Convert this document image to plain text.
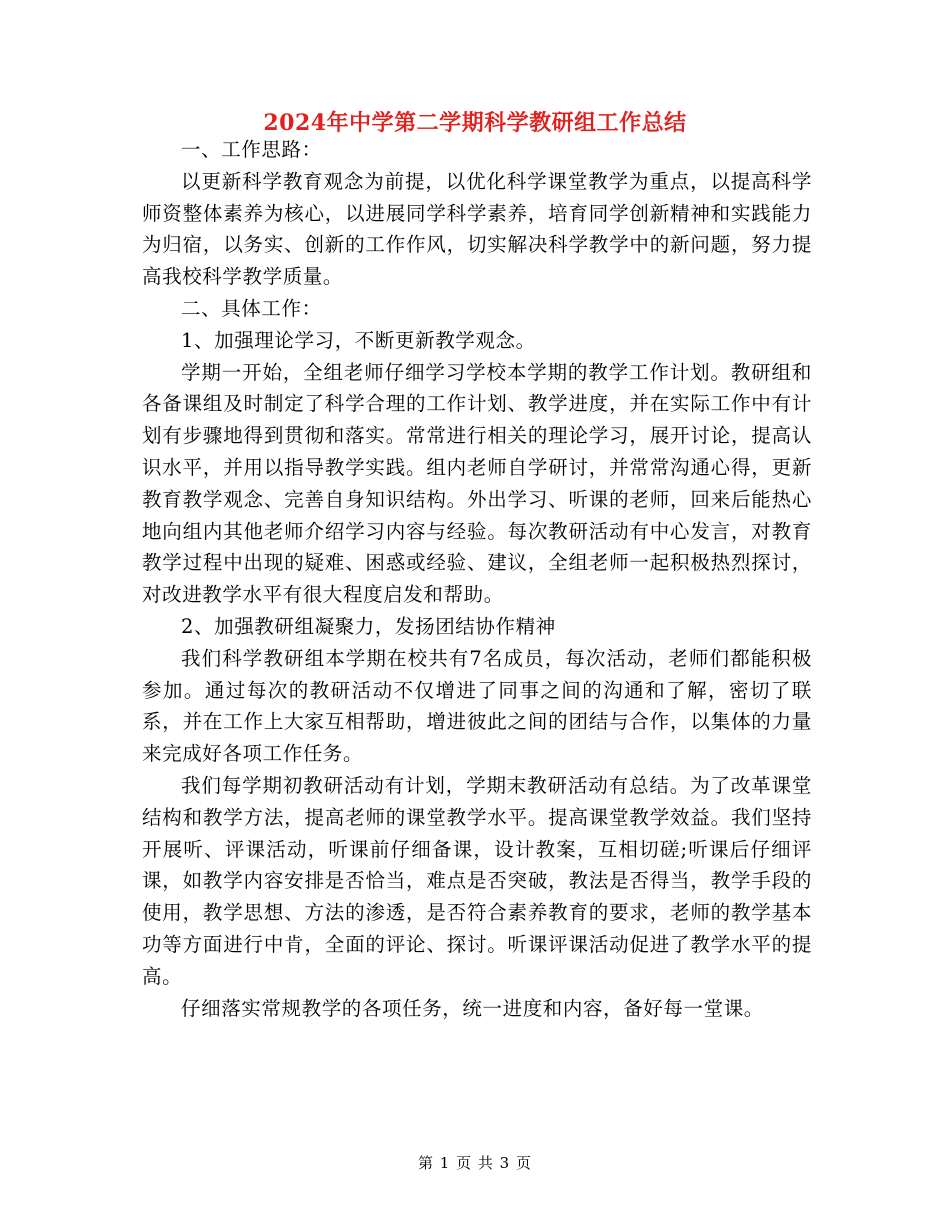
2024年中学第二学期科学教研组工作总结

一、工作思路：

以更新科学教育观念为前提，以优化科学课堂教学为重点，以提高科学师资整体素养为核心，以进展同学科学素养，培育同学创新精神和实践能力为归宿，以务实、创新的工作作风，切实解决科学教学中的新问题，努力提高我校科学教学质量。

二、具体工作：

1、加强理论学习，不断更新教学观念。

学期一开始，全组老师仔细学习学校本学期的教学工作计划。教研组和各备课组及时制定了科学合理的工作计划、教学进度，并在实际工作中有计划有步骤地得到贯彻和落实。常常进行相关的理论学习，展开讨论，提高认识水平，并用以指导教学实践。组内老师自学研讨，并常常沟通心得，更新教育教学观念、完善自身知识结构。外出学习、听课的老师，回来后能热心地向组内其他老师介绍学习内容与经验。每次教研活动有中心发言，对教育教学过程中出现的疑难、困惑或经验、建议，全组老师一起积极热烈探讨，对改进教学水平有很大程度启发和帮助。

2、加强教研组凝聚力，发扬团结协作精神

我们科学教研组本学期在校共有7名成员，每次活动，老师们都能积极参加。通过每次的教研活动不仅增进了同事之间的沟通和了解，密切了联系，并在工作上大家互相帮助，增进彼此之间的团结与合作，以集体的力量来完成好各项工作任务。

我们每学期初教研活动有计划，学期末教研活动有总结。为了改革课堂结构和教学方法，提高老师的课堂教学水平。提高课堂教学效益。我们坚持开展听、评课活动，听课前仔细备课，设计教案，互相切磋;听课后仔细评课，如教学内容安排是否恰当，难点是否突破，教法是否得当，教学手段的使用，教学思想、方法的渗透，是否符合素养教育的要求，老师的教学基本功等方面进行中肯，全面的评论、探讨。听课评课活动促进了教学水平的提高。

仔细落实常规教学的各项任务，统一进度和内容，备好每一堂课。

第 1 页 共 3 页
